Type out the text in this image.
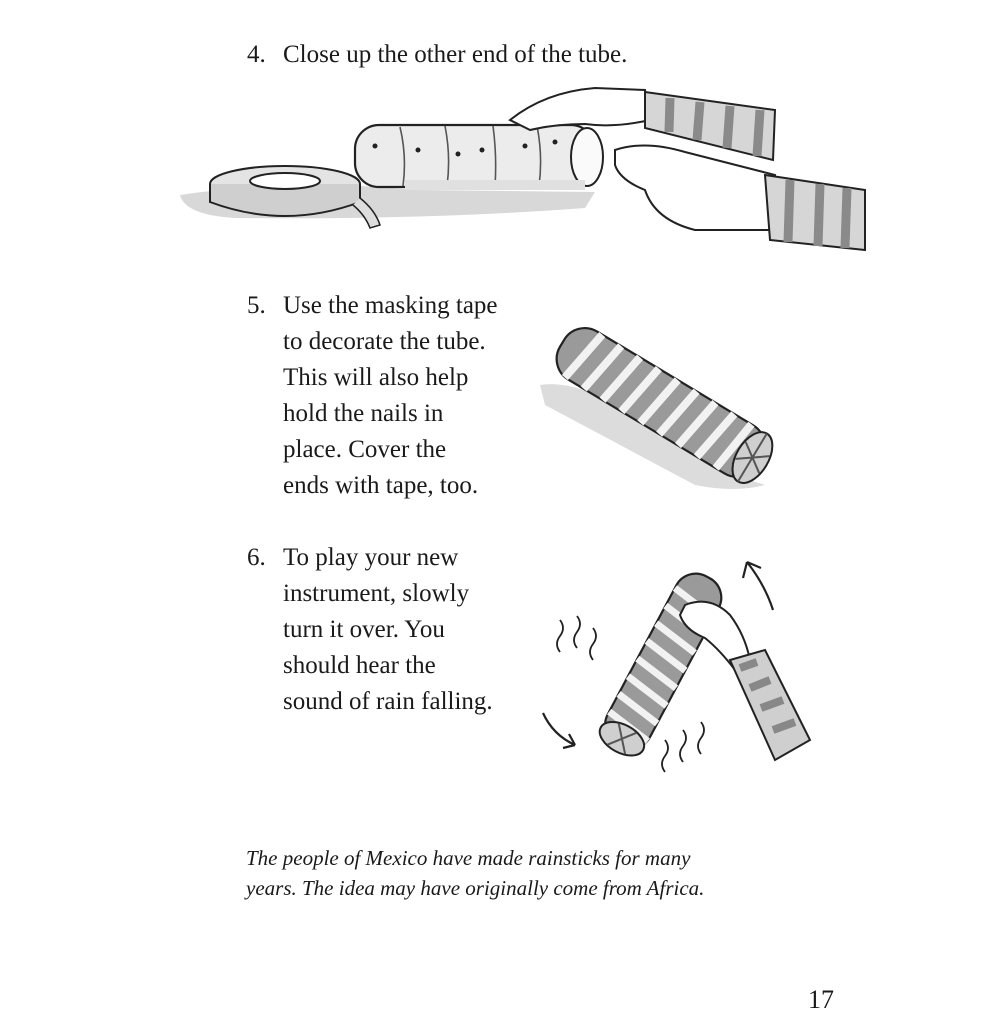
4. Close up the other end of the tube.
5. Use the masking tape
to decorate the tube.
This will also help
hold the nails in
place. Cover the
ends with tape, too.
6. To play your new
instrument, slowly
turn it over. You
should hear the
sound of rain falling.
The people of Mexico have made rainsticks for many
years. The idea may have originally come from Africa.
17
